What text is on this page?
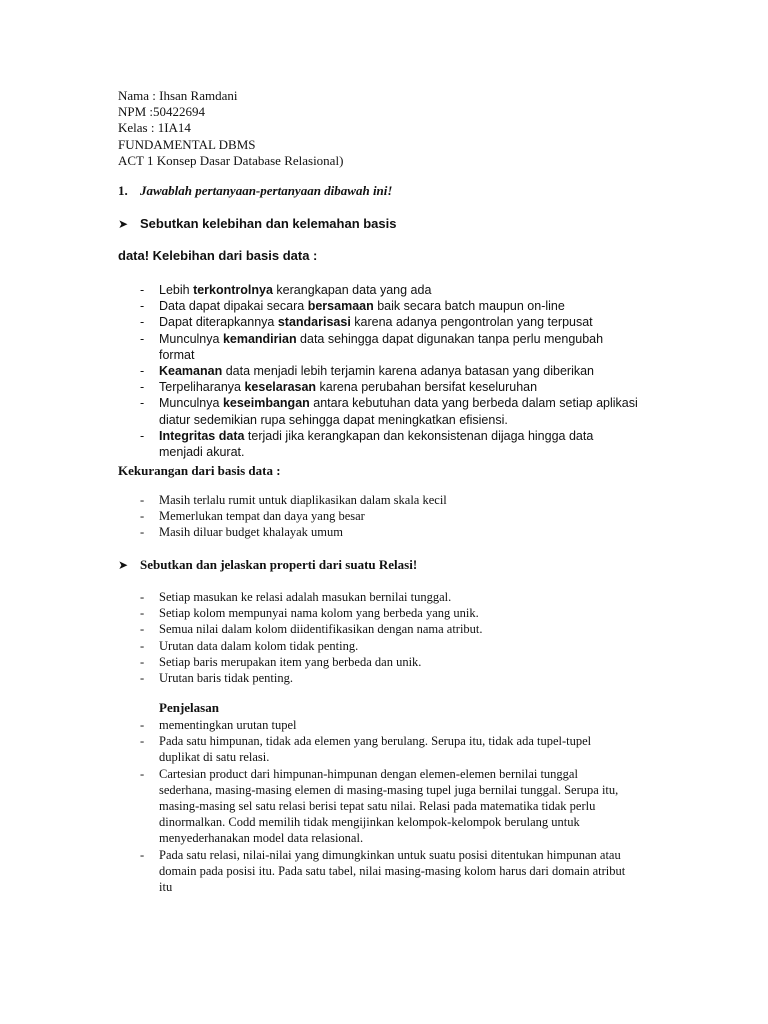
Nama : Ihsan Ramdani
NPM :50422694
Kelas : 1IA14
FUNDAMENTAL DBMS
ACT 1 Konsep Dasar Database Relasional)
1. Jawablah pertanyaan-pertanyaan dibawah ini!
➤ Sebutkan kelebihan dan kelemahan basis
data! Kelebihan dari basis data :
- Lebih terkontrolnya kerangkapan data yang ada
- Data dapat dipakai secara bersamaan baik secara batch maupun on-line
- Dapat diterapkannya standarisasi karena adanya pengontrolan yang terpusat
- Munculnya kemandirian data sehingga dapat digunakan tanpa perlu mengubah format
- Keamanan data menjadi lebih terjamin karena adanya batasan yang diberikan
- Terpeliharanya keselarasan karena perubahan bersifat keseluruhan
- Munculnya keseimbangan antara kebutuhan data yang berbeda dalam setiap aplikasi diatur sedemikian rupa sehingga dapat meningkatkan efisiensi.
- Integritas data terjadi jika kerangkapan dan kekonsistenan dijaga hingga data menjadi akurat.
Kekurangan dari basis data :
- Masih terlalu rumit untuk diaplikasikan dalam skala kecil
- Memerlukan tempat dan daya yang besar
- Masih diluar budget khalayak umum
➤ Sebutkan dan jelaskan properti dari suatu Relasi!
- Setiap masukan ke relasi adalah masukan bernilai tunggal.
- Setiap kolom mempunyai nama kolom yang berbeda yang unik.
- Semua nilai dalam kolom diidentifikasikan dengan nama atribut.
- Urutan data dalam kolom tidak penting.
- Setiap baris merupakan item yang berbeda dan unik.
- Urutan baris tidak penting.
Penjelasan
- mementingkan urutan tupel
- Pada satu himpunan, tidak ada elemen yang berulang. Serupa itu, tidak ada tupel-tupel duplikat di satu relasi.
- Cartesian product dari himpunan-himpunan dengan elemen-elemen bernilai tunggal sederhana, masing-masing elemen di masing-masing tupel juga bernilai tunggal. Serupa itu, masing-masing sel satu relasi berisi tepat satu nilai. Relasi pada matematika tidak perlu dinormalkan. Codd memilih tidak mengijinkan kelompok-kelompok berulang untuk menyederhanakan model data relasional.
- Pada satu relasi, nilai-nilai yang dimungkinkan untuk suatu posisi ditentukan himpunan atau domain pada posisi itu. Pada satu tabel, nilai masing-masing kolom harus dari domain atribut itu
